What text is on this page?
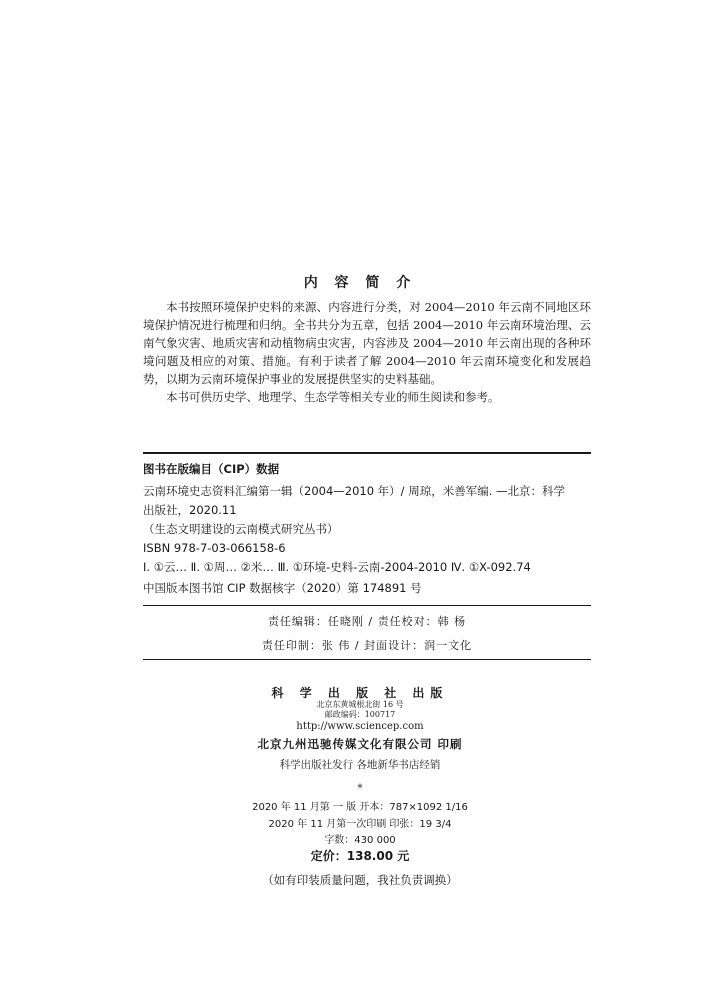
内 容 简 介

本书按照环境保护史料的来源、内容进行分类，对 2004—2010 年云南不同地区环境保护情况进行梳理和归纳。全书共分为五章，包括 2004—2010 年云南环境治理、云南气象灾害、地质灾害和动植物病虫灾害，内容涉及 2004—2010 年云南出现的各种环境问题及相应的对策、措施。有利于读者了解 2004—2010 年云南环境变化和发展趋势，以期为云南环境保护事业的发展提供坚实的史料基础。

本书可供历史学、地理学、生态学等相关专业的师生阅读和参考。

图书在版编目（CIP）数据
云南环境史志资料汇编第一辑（2004—2010 年）/ 周琼，米善军编. —北京：科学
出版社，2020.11
（生态文明建设的云南模式研究丛书）
ISBN 978-7-03-066158-6
Ⅰ. ①云… Ⅱ. ①周… ②米… Ⅲ. ①环境-史料-云南-2004-2010 Ⅳ. ①X-092.74
中国版本图书馆 CIP 数据核字（2020）第 174891 号
责任编辑：任晓刚 / 责任校对：韩 杨
责任印制：张 伟 / 封面设计：润一文化
科 学 出 版 社 出版
北京东黄城根北街 16 号
邮政编码：100717
http://www.sciencep.com
北京九州迅驰传媒文化有限公司 印刷
科学出版社发行 各地新华书店经销
*
2020 年 11 月第 一 版 开本：787×1092 1/16
2020 年 11 月第一次印刷 印张：19 3/4
字数：430 000
定价：138.00 元
（如有印装质量问题，我社负责调换）
